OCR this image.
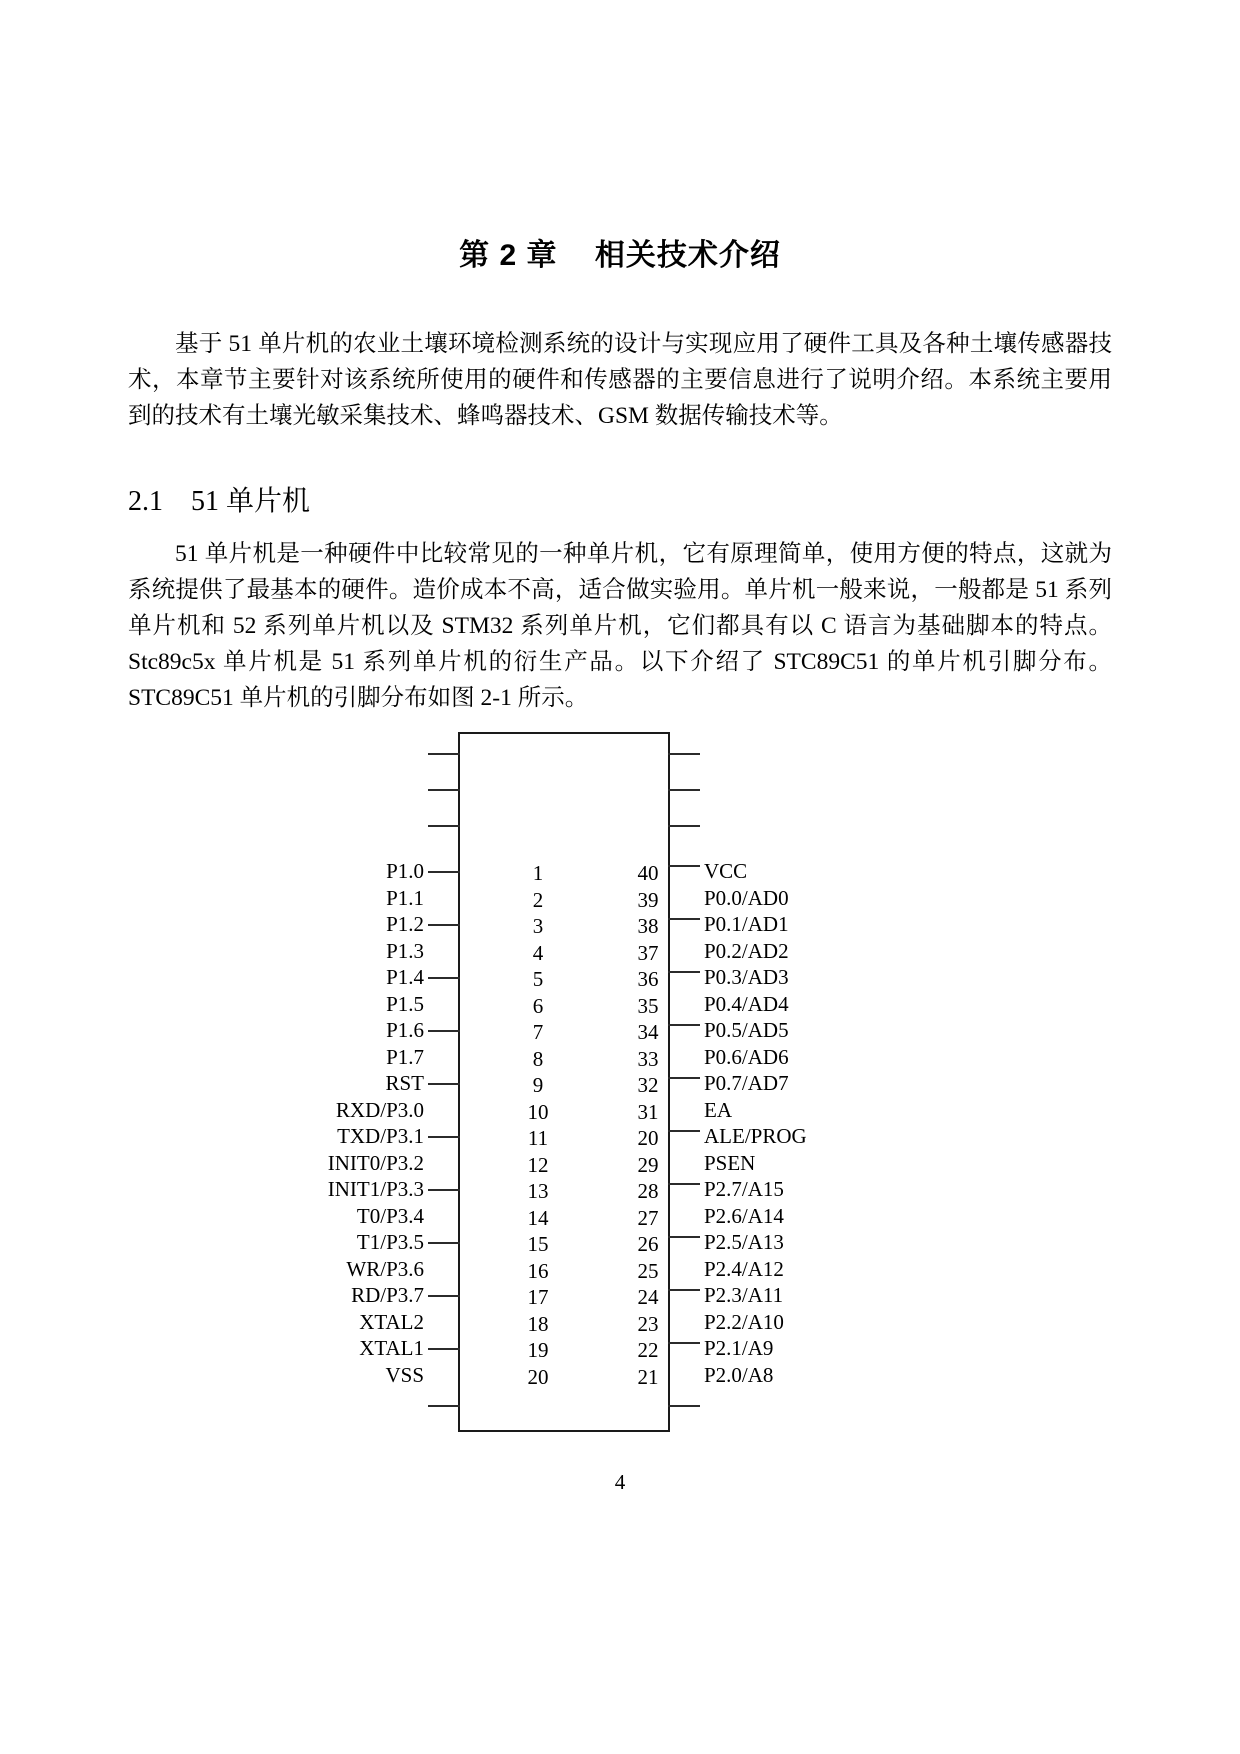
第 2 章    相关技术介绍

基于 51 单片机的农业土壤环境检测系统的设计与实现应用了硬件工具及各种土壤传感器技术，本章节主要针对该系统所使用的硬件和传感器的主要信息进行了说明介绍。本系统主要用到的技术有土壤光敏采集技术、蜂鸣器技术、GSM 数据传输技术等。

2.1    51 单片机

51 单片机是一种硬件中比较常见的一种单片机，它有原理简单，使用方便的特点，这就为系统提供了最基本的硬件。造价成本不高，适合做实验用。单片机一般来说，一般都是 51 系列单片机和 52 系列单片机以及 STM32 系列单片机，它们都具有以 C 语言为基础脚本的特点。Stc89c5x 单片机是 51 系列单片机的衍生产品。以下介绍了 STC89C51 的单片机引脚分布。STC89C51 单片机的引脚分布如图 2-1 所示。

P1.0
P1.1
P1.2
P1.3
P1.4
P1.5
P1.6
P1.7
RST
RXD/P3.0
TXD/P3.1
INIT0/P3.2
INIT1/P3.3
T0/P3.4
T1/P3.5
WR/P3.6
RD/P3.7
XTAL2
XTAL1
VSS
VCC
P0.0/AD0
P0.1/AD1
P0.2/AD2
P0.3/AD3
P0.4/AD4
P0.5/AD5
P0.6/AD6
P0.7/AD7
EA
ALE/PROG
PSEN
P2.7/A15
P2.6/A14
P2.5/A13
P2.4/A12
P2.3/A11
P2.2/A10
P2.1/A9
P2.0/A8
1
2
3
4
5
6
7
8
9
10
11
12
13
14
15
16
17
18
19
20
40
39
38
37
36
35
34
33
32
31
20
29
28
27
26
25
24
23
22
21
4
